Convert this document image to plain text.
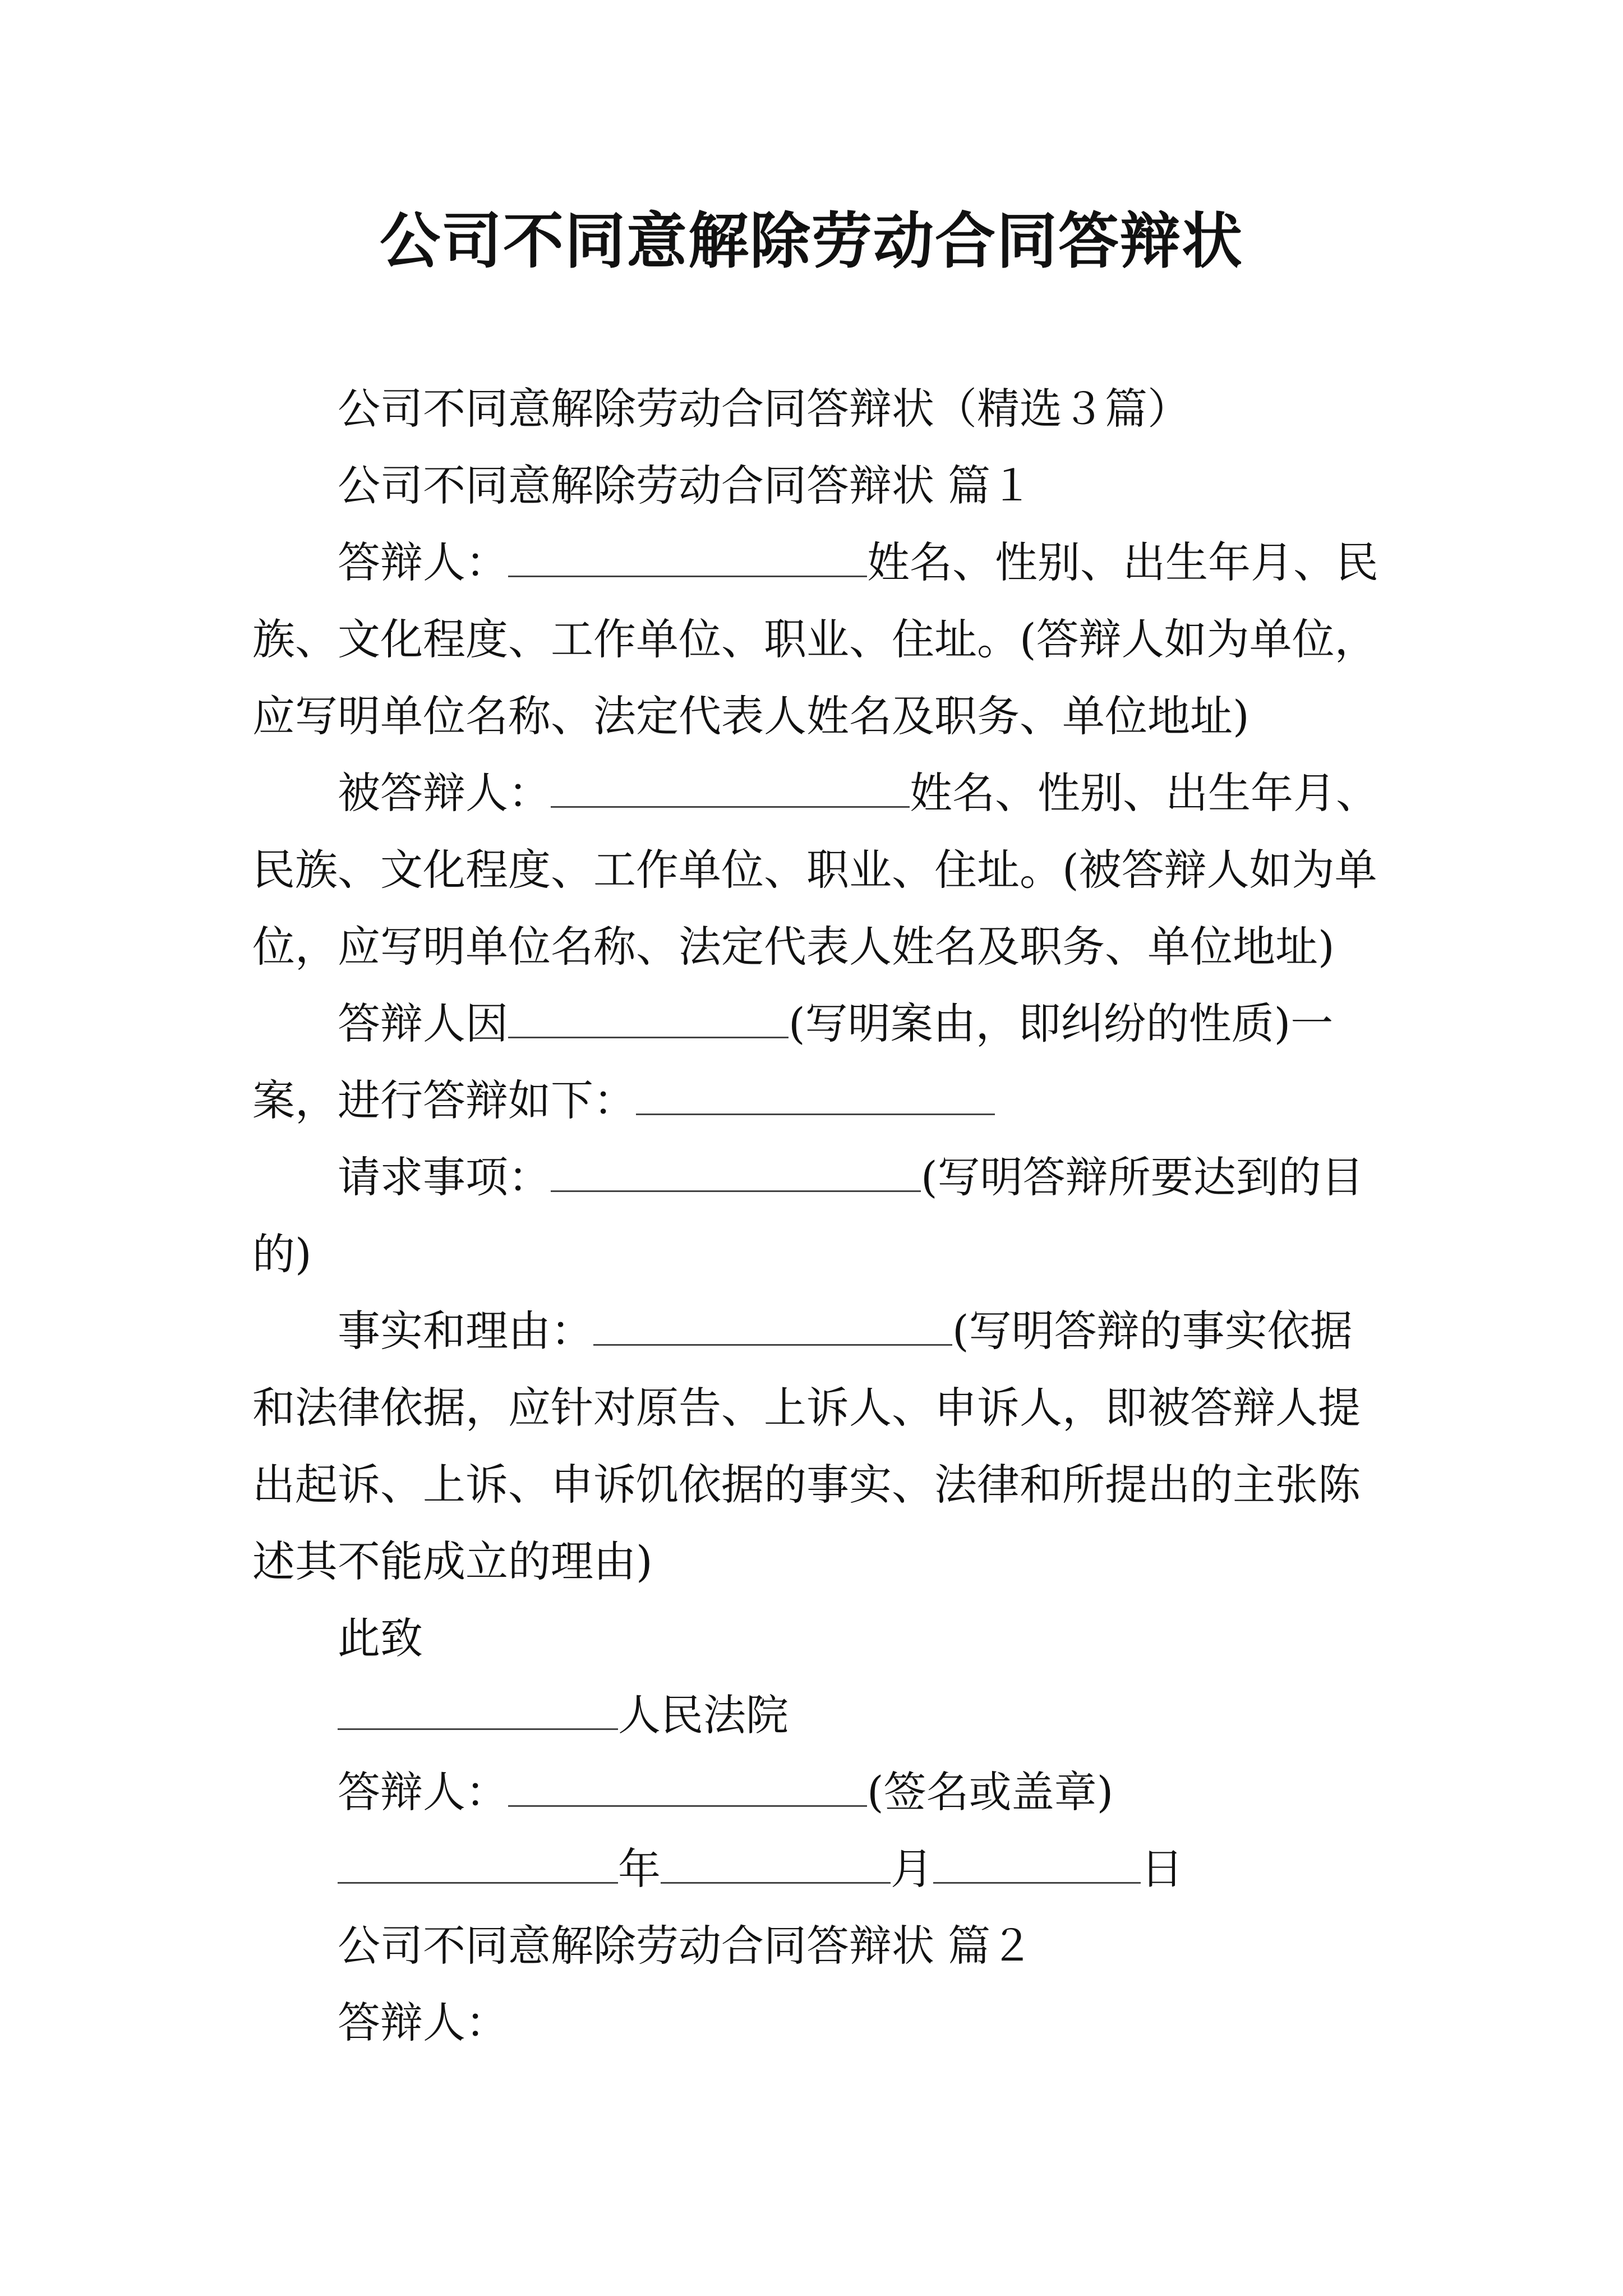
公司不同意解除劳动合同答辩状

公司不同意解除劳动合同答辩状（精选３篇）

公司不同意解除劳动合同答辩状 篇１

答辩人：	姓名、性别、出生年月、民族、文化程度、工作单位、职业、住址。(答辩人如为单位，应写明单位名称、法定代表人姓名及职务、单位地址)

被答辩人：	姓名、性别、出生年月、民族、文化程度、工作单位、职业、住址。(被答辩人如为单位，应写明单位名称、法定代表人姓名及职务、单位地址)

答辩人因	(写明案由，即纠纷的性质)一案，进行答辩如下：

请求事项：	(写明答辩所要达到的目的)

事实和理由：	(写明答辩的事实依据和法律依据，应针对原告、上诉人、申诉人，即被答辩人提出起诉、上诉、申诉饥依据的事实、法律和所提出的主张陈述其不能成立的理由)

此致

人民法院

答辩人：	(签名或盖章)

年	月	日

公司不同意解除劳动合同答辩状 篇２

答辩人：
